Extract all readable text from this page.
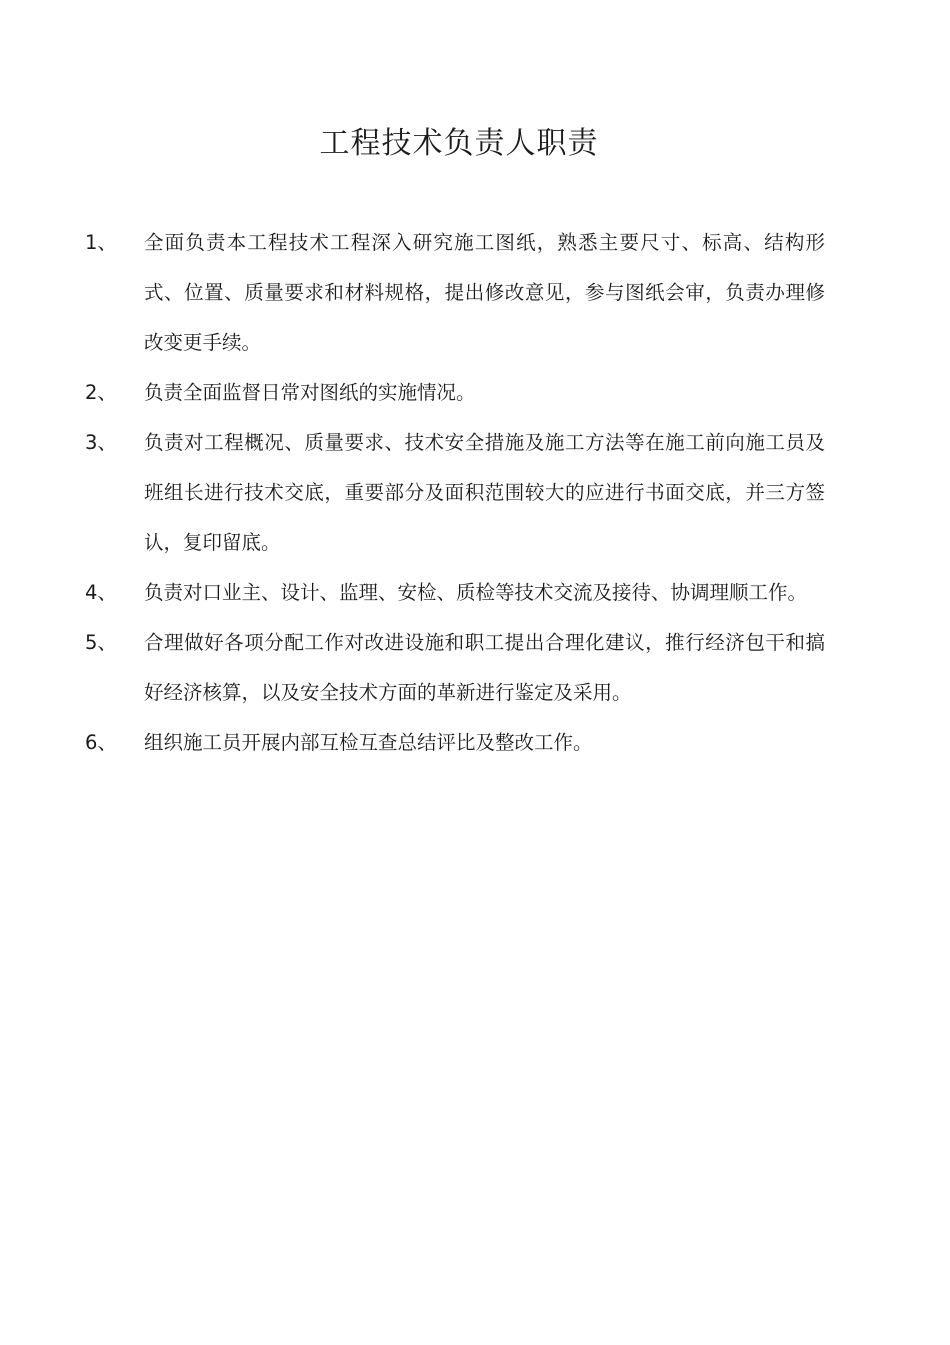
工程技术负责人职责
1、	全面负责本工程技术工程深入研究施工图纸，熟悉主要尺寸、标高、结构形式、位置、质量要求和材料规格，提出修改意见，参与图纸会审，负责办理修改变更手续。
2、	负责全面监督日常对图纸的实施情况。
3、	负责对工程概况、质量要求、技术安全措施及施工方法等在施工前向施工员及班组长进行技术交底，重要部分及面积范围较大的应进行书面交底，并三方签认，复印留底。
4、	负责对口业主、设计、监理、安检、质检等技术交流及接待、协调理顺工作。
5、	合理做好各项分配工作对改进设施和职工提出合理化建议，推行经济包干和搞好经济核算，以及安全技术方面的革新进行鉴定及采用。
6、	组织施工员开展内部互检互查总结评比及整改工作。
